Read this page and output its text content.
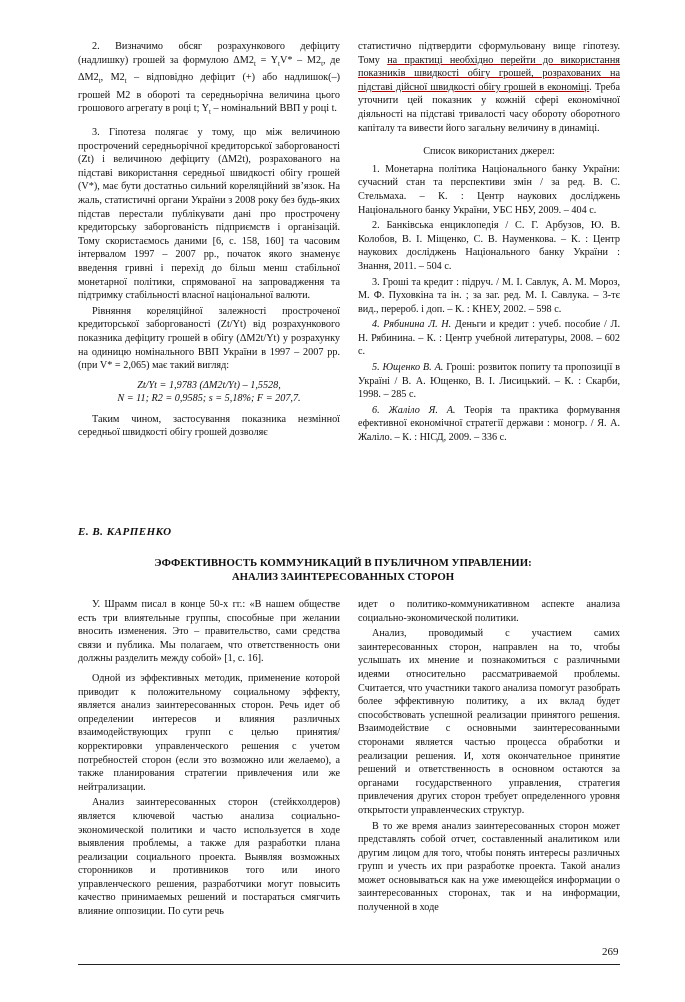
2. Визначимо обсяг розрахункового дефіциту (надлишку) грошей за формулою $\Delta M2_t = Y_tV* - M2_t$, де $\Delta M2_t$, $M2_t$ – відповідно дефіцит (+) або надлишок(–) грошей M2 в обороті та середньорічна величина цього грошового агрегату в році t; $Y_t$ – номінальний ВВП у році t.

3. Гіпотеза полягає у тому, що між величиною прострочений середньорічної кредиторської заборгованості (Zt) і величиною дефіциту (ΔM2t), розрахованого на підставі використання середньої швидкості обігу грошей (V*), має бути достатньо сильний кореляційний зв’язок. На жаль, статистичні органи України з 2008 року без будь-яких підстав перестали публікувати дані про прострочену кредиторську заборгованість підприємств і організацій. Тому скористаємось даними [6, с. 158, 160] та часовим інтервалом 1997 – 2007 рр., початок якого знаменує введення гривні і перехід до більш менш стабільної монетарної політики, спрямованої на запровадження та підтримку стабільності власної національної валюти.

Рівняння кореляційної залежності простроченої кредиторської заборгованості (Zt/Yt) від розрахункового показника дефіциту грошей в обігу (ΔM2t/Yt) у розрахунку на одиницю номінального ВВП України в 1997 – 2007 рр. (при V* = 2,065) має такий вигляд:

Zt/Yt = 1,9783 (ΔM2t/Yt) – 1,5528,
N = 11; R2 = 0,9585; s = 5,18%; F = 207,7.

Таким чином, застосування показника незмінної середньої швидкості обігу грошей дозволяє

статистично підтвердити сформульовану вище гіпотезу. Тому на практиці необхідно перейти до використання показників швидкості обігу грошей, розрахованих на підставі дійсної швидкості обігу грошей в економіці. Треба уточнити цей показник у кожній сфері економічної діяльності на підставі тривалості часу обороту оборотного капіталу та вивести його загальну величину в динаміці.

Список використаних джерел:

1. Монетарна політика Національного банку України: сучасний стан та перспективи змін / за ред. В. С. Стельмаха. – К. : Центр наукових досліджень Національного банку України, УБС НБУ, 2009. – 404 с.

2. Банківська енциклопедія / С. Г. Арбузов, Ю. В. Колобов, В. І. Міщенко, С. В. Науменкова. – К. : Центр наукових досліджень Національного банку України : Знання, 2011. – 504 с.

3. Гроші та кредит : підруч. / М. І. Савлук, А. М. Мороз, М. Ф. Пуховкіна та ін. ; за заг. ред. М. І. Савлука. – 3-тє вид., перероб. і доп. – К. : КНЕУ, 2002. – 598 с.

4. Рябинина Л. Н. Деньги и кредит : учеб. пособие / Л. Н. Рябинина. – К. : Центр учебной литературы, 2008. – 602 с.

5. Ющенко В. А. Гроші: розвиток попиту та пропозиції в Україні / В. А. Ющенко, В. І. Лисицький. – К. : Скарби, 1998. – 285 с.

6. Жаліло Я. А. Теорія та практика формування ефективної економічної стратегії держави : моногр. / Я. А. Жаліло. – К. : НІСД, 2009. – 336 с.

Е. В. КАРПЕНКО
ЭФФЕКТИВНОСТЬ КОММУНИКАЦИЙ В ПУБЛИЧНОМ УПРАВЛЕНИИ:
АНАЛИЗ ЗАИНТЕРЕСОВАННЫХ СТОРОН

У. Шрамм писал в конце 50-х гг.: «В нашем обществе есть три влиятельные группы, способные при желании вносить изменения. Это – правительство, сами средства связи и публика. Мы полагаем, что ответственность они должны разделить между собой» [1, с. 16].

Одной из эффективных методик, применение которой приводит к положительному социальному эффекту, является анализ заинтересованных сторон. Речь идет об определении интересов и влияния различных взаимодействующих групп с целью принятия/корректировки управленческого решения с учетом потребностей сторон (если это возможно или желаемо), а также планирования стратегии привлечения или же нейтрализации.

Анализ заинтересованных сторон (стейкхолдеров) является ключевой частью анализа социально-экономической политики и часто используется в ходе выявления проблемы, а также для разработки плана реализации социального проекта. Выявляя возможных сторонников и противников того или иного управленческого решения, разработчики могут повысить качество принимаемых решений и постараться смягчить влияние оппозиции. По сути речь

идет о политико-коммуникативном аспекте анализа социально-экономической политики.

Анализ, проводимый с участием самих заинтересованных сторон, направлен на то, чтобы услышать их мнение и познакомиться с различными идеями относительно рассматриваемой проблемы. Считается, что участники такого анализа помогут разобрать более эффективную политику, а их вклад будет способствовать успешной реализации принятого решения. Взаимодействие с основными заинтересованными сторонами является частью процесса обработки и реализации решения. И, хотя окончательное принятие решений и ответственность в основном остаются за органами государственного управления, стратегия привлечения других сторон требует определенного уровня открытости управленческих структур.

В то же время анализ заинтересованных сторон может представлять собой отчет, составленный аналитиком или другим лицом для того, чтобы понять интересы различных групп и учесть их при разработке проекта. Такой анализ может основываться как на уже имеющейся информации о заинтересованных сторонах, так и на информации, полученной в ходе

269
